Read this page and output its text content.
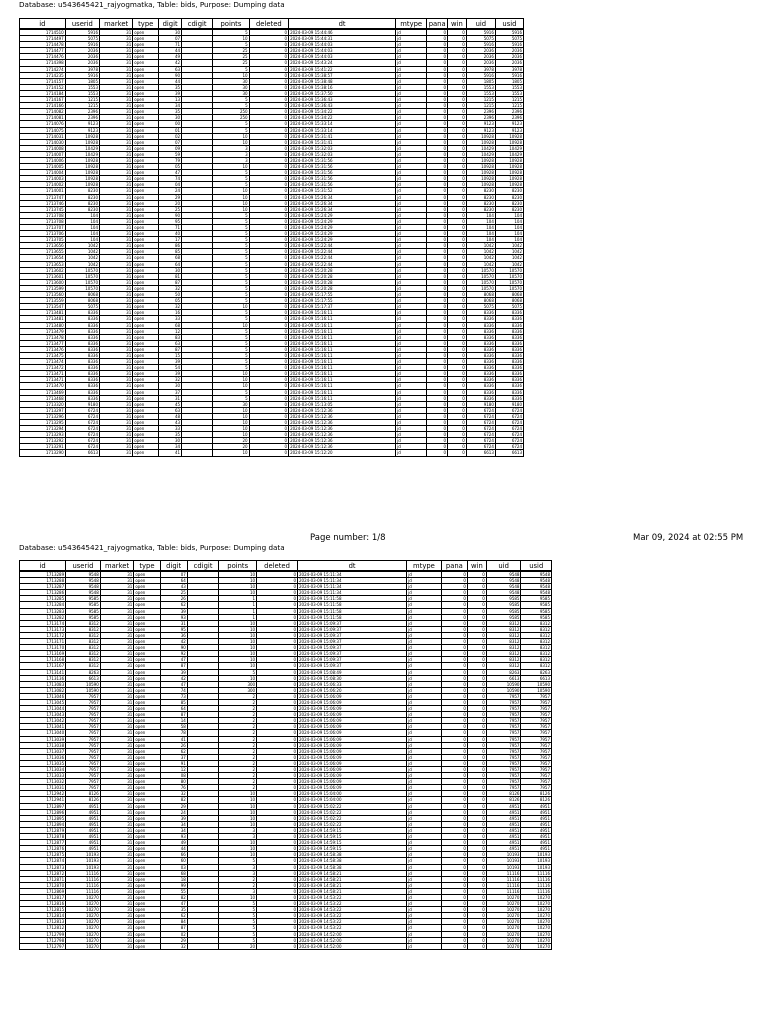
Database: u543645421_rajyogmatka, Table: bids, Purpose: Dumping data
id	userid	market	type	digit	cdigit	points	deleted	dt	mtype	pana	win	uid	usid
1714510	5916	31	open	30		5	0	2024-03-09 15:44:46	jd	0	0	5916	5916
1714497	5075	31	open	07		10	0	2024-03-09 15:44:31	jd	0	0	5075	5075
1714478	5916	31	open	71		5	0	2024-03-09 15:44:03	jd	0	0	5916	5916
1714477	2036	31	open	44		25	0	2024-03-09 15:44:03	jd	0	0	2036	2036
1714476	2036	31	open	49		25	0	2024-03-09 15:44:03	jd	0	0	2036	2036
1714398	2036	31	open	42		25	0	2024-03-09 15:43:24	jd	0	0	2036	2036
1714274	3978	31	open	63		5	0	2024-03-09 15:41:22	jd	0	0	3978	3978
1714235	5916	31	open	90		10	0	2024-03-09 15:38:57	jd	0	0	5916	5916
1714157	1805	31	open	44		30	0	2024-03-09 15:38:48	jd	0	0	1805	1805
1714152	1553	31	open	35		30	0	2024-03-09 15:38:16	jd	0	0	1553	1553
1714184	1553	31	open	39		30	0	2024-03-09 15:37:50	jd	0	0	1553	1553
1714167	1215	31	open	13		5	0	2024-03-09 15:36:43	jd	0	0	1215	1215
1714166	1215	31	open	34		5	0	2024-03-09 15:36:43	jd	0	0	1215	1215
1714082	2396	31	open	35		250	0	2024-03-09 15:34:22	jd	0	0	2396	2396
1714081	2396	31	open	30		250	0	2024-03-09 15:34:22	jd	0	0	2396	2396
1714076	9123	31	open	00		5	0	2024-03-09 15:33:14	jd	0	0	9123	9123
1714075	9123	31	open	01		5	0	2024-03-09 15:33:14	jd	0	0	9123	9123
1714031	10928	31	open	02		10	0	2024-03-09 15:31:41	jd	0	0	10928	10928
1714030	10928	31	open	07		10	0	2024-03-09 15:31:41	jd	0	0	10928	10928
1714008	10429	31	open	09		3	0	2024-03-09 15:32:03	jd	0	0	10429	10429
1714007	10429	31	open	59		3	0	2024-03-09 15:32:03	jd	0	0	10429	10429
1714006	10928	31	open	79		3	0	2024-03-09 15:31:56	jd	0	0	10928	10928
1714005	10928	31	open	05		10	0	2024-03-09 15:31:56	jd	0	0	10928	10928
1714004	10928	31	open	47		5	0	2024-03-09 15:31:56	jd	0	0	10928	10928
1714003	10928	31	open	74		5	0	2024-03-09 15:31:56	jd	0	0	10928	10928
1714002	10928	31	open	04		5	0	2024-03-09 15:31:56	jd	0	0	10928	10928
1714001	8230	31	open	24		10	0	2024-03-09 15:31:52	jd	0	0	8230	8230
1713747	8230	31	open	29		10	0	2024-03-09 15:26:34	jd	0	0	8230	8230
1713746	8230	31	open	20		10	0	2024-03-09 15:26:34	jd	0	0	8230	8230
1713745	8230	31	open	25		10	0	2024-03-09 15:26:34	jd	0	0	8230	8230
1713708	104	31	open	90		5	0	2024-03-09 15:24:29	jd	0	0	104	104
1713708	104	31	open	95		5	0	2024-03-09 15:24:29	jd	0	0	104	104
1713707	104	31	open	71		5	0	2024-03-09 15:24:29	jd	0	0	104	104
1713706	104	31	open	40		5	0	2024-03-09 15:24:29	jd	0	0	104	104
1713705	104	31	open	17		5	0	2024-03-09 15:24:29	jd	0	0	104	104
1713656	1042	31	open	86		5	0	2024-03-09 15:22:44	jd	0	0	1042	1042
1713655	1042	31	open	85		5	0	2024-03-09 15:22:44	jd	0	0	1042	1042
1713654	1042	31	open	68		5	0	2024-03-09 15:22:44	jd	0	0	1042	1042
1713653	1042	31	open	64		5	0	2024-03-09 15:22:44	jd	0	0	1042	1042
1713602	10570	31	open	30		5	0	2024-03-09 15:20:28	jd	0	0	10570	10570
1713601	10570	31	open	81		5	0	2024-03-09 15:20:28	jd	0	0	10570	10570
1713600	10570	31	open	87		5	0	2024-03-09 15:20:28	jd	0	0	10570	10570
1713599	10570	31	open	32		5	0	2024-03-09 15:20:28	jd	0	0	10570	10570
1713560	8068	31	open	50		5	0	2024-03-09 15:17:55	jd	0	0	8068	8068
1713559	8068	31	open	05		5	0	2024-03-09 15:17:55	jd	0	0	8068	8068
1713547	5075	31	open	32		10	0	2024-03-09 15:17:37	jd	0	0	5075	5075
1713481	8336	31	open	16		5	0	2024-03-09 15:16:11	jd	0	0	8336	8336
1713481	8336	31	open	33		5	0	2024-03-09 15:16:11	jd	0	0	8336	8336
1713480	8336	31	open	68		10	0	2024-03-09 15:16:11	jd	0	0	8336	8336
1713479	8336	31	open	12		5	0	2024-03-09 15:16:11	jd	0	0	8336	8336
1713478	8336	31	open	83		5	0	2024-03-09 15:16:11	jd	0	0	8336	8336
1713477	8336	31	open	63		5	0	2024-03-09 15:16:11	jd	0	0	8336	8336
1713476	8336	31	open	87		5	0	2024-03-09 15:16:11	jd	0	0	8336	8336
1713475	8336	31	open	15		5	0	2024-03-09 15:16:11	jd	0	0	8336	8336
1713474	8336	31	open	39		5	0	2024-03-09 15:16:11	jd	0	0	8336	8336
1713472	8336	31	open	54		5	0	2024-03-09 15:16:11	jd	0	0	8336	8336
1713471	8336	31	open	39		10	0	2024-03-09 15:16:11	jd	0	0	8336	8336
1713471	8336	31	open	32		10	0	2024-03-09 15:16:11	jd	0	0	8336	8336
1713470	8336	31	open	30		10	0	2024-03-09 15:16:11	jd	0	0	8336	8336
1713469	8336	31	open	37		5	0	2024-03-09 15:16:11	jd	0	0	8336	8336
1713468	8336	31	open	31		5	0	2024-03-09 15:16:11	jd	0	0	8336	8336
1713320	9180	31	open	45		30	0	2024-03-09 15:13:05	jd	0	0	9180	9180
1713297	6724	31	open	63		10	0	2024-03-09 15:12:36	jd	0	0	6724	6724
1713296	6724	31	open	48		10	0	2024-03-09 15:12:36	jd	0	0	6724	6724
1713295	6724	31	open	43		10	0	2024-03-09 15:12:36	jd	0	0	6724	6724
1713294	6724	31	open	33		10	0	2024-03-09 15:12:36	jd	0	0	6724	6724
1713293	6724	31	open	35		10	0	2024-03-09 15:12:36	jd	0	0	6724	6724
1713292	6724	31	open	30		20	0	2024-03-09 15:12:36	jd	0	0	6724	6724
1713291	6724	31	open	34		20	0	2024-03-09 15:12:36	jd	0	0	6724	6724
1713290	6613	31	open	41		10	0	2024-03-09 15:12:20	jd	0	0	6613	6613
Page number: 1/8	Mar 09, 2024 at 02:55 PM
Database: u543645421_rajyogmatka, Table: bids, Purpose: Dumping data
id	userid	market	type	digit	cdigit	points	deleted	dt	mtype	pana	win	uid	usid
1713289	9548	31	open	07		10	0	2024-03-09 15:11:34	jd	0	0	9548	9548
1713288	9548	31	open	64		10	0	2024-03-09 15:11:34	jd	0	0	9548	9548
1713287	9548	31	open	43		10	0	2024-03-09 15:11:34	jd	0	0	9548	9548
1713286	9548	31	open	25		10	0	2024-03-09 15:11:34	jd	0	0	9548	9548
1713285	9585	31	open	26		1	0	2024-03-09 15:11:58	jd	0	0	9585	9585
1713284	9585	31	open	62		1	0	2024-03-09 15:11:58	jd	0	0	9585	9585
1713283	9585	31	open	39		1	0	2024-03-09 15:11:58	jd	0	0	9585	9585
1713282	9585	31	open	93		1	0	2024-03-09 15:11:58	jd	0	0	9585	9585
1713174	8312	31	open	31		10	0	2024-03-09 15:09:37	jd	0	0	8312	8312
1713173	8312	31	open	95		10	0	2024-03-09 15:09:37	jd	0	0	8312	8312
1713172	8312	31	open	36		10	0	2024-03-09 15:09:37	jd	0	0	8312	8312
1713171	8312	31	open	42		10	0	2024-03-09 15:09:37	jd	0	0	8312	8312
1713170	8312	31	open	90		10	0	2024-03-09 15:09:37	jd	0	0	8312	8312
1713169	8312	31	open	92		10	0	2024-03-09 15:09:37	jd	0	0	8312	8312
1713168	8312	31	open	47		10	0	2024-03-09 15:09:37	jd	0	0	8312	8312
1713167	8312	31	open	87		10	0	2024-03-09 15:09:37	jd	0	0	8312	8312
1713141	8263	31	open	39		5	0	2024-03-09 15:08:49	jd	0	0	8263	8263
1713136	6613	31	open	42		10	0	2024-03-09 15:08:30	jd	0	0	6613	6613
1713083	10590	31	open	47		300	0	2024-03-09 15:06:33	jd	0	0	10590	10590
1713082	10590	31	open	74		300	0	2024-03-09 15:06:20	jd	0	0	10590	10590
1713046	7957	31	open	73		2	0	2024-03-09 15:06:09	jd	0	0	7957	7957
1713045	7957	31	open	85		2	0	2024-03-09 15:06:09	jd	0	0	7957	7957
1713044	7957	31	open	64		2	0	2024-03-09 15:06:09	jd	0	0	7957	7957
1713043	7957	31	open	87		2	0	2024-03-09 15:06:09	jd	0	0	7957	7957
1713042	7957	31	open	14		2	0	2024-03-09 15:06:09	jd	0	0	7957	7957
1713041	7957	31	open	58		2	0	2024-03-09 15:06:09	jd	0	0	7957	7957
1713040	7957	31	open	78		2	0	2024-03-09 15:06:09	jd	0	0	7957	7957
1713039	7957	31	open	41		2	0	2024-03-09 15:06:09	jd	0	0	7957	7957
1713038	7957	31	open	26		2	0	2024-03-09 15:06:09	jd	0	0	7957	7957
1713037	7957	31	open	62		2	0	2024-03-09 15:06:09	jd	0	0	7957	7957
1713036	7957	31	open	37		2	0	2024-03-09 15:06:09	jd	0	0	7957	7957
1713035	7957	31	open	91		2	0	2024-03-09 15:06:09	jd	0	0	7957	7957
1713034	7957	31	open	12		2	0	2024-03-09 15:06:09	jd	0	0	7957	7957
1713033	7957	31	open	08		2	0	2024-03-09 15:06:09	jd	0	0	7957	7957
1713032	7957	31	open	80		2	0	2024-03-09 15:06:09	jd	0	0	7957	7957
1713031	7957	31	open	76		2	0	2024-03-09 15:06:09	jd	0	0	7957	7957
1712942	8126	31	open	32		10	0	2024-03-09 15:04:00	jd	0	0	8126	8126
1712941	8126	31	open	82		10	0	2024-03-09 15:04:00	jd	0	0	8126	8126
1712897	4951	31	open	29		10	0	2024-03-09 15:02:22	jd	0	0	4951	4951
1712896	4951	31	open	24		10	0	2024-03-09 15:02:22	jd	0	0	4951	4951
1712895	4951	31	open	39		10	0	2024-03-09 15:02:22	jd	0	0	4951	4951
1712894	4951	31	open	34		10	0	2024-03-09 15:02:22	jd	0	0	4951	4951
1712879	4951	31	open	34		3	0	2024-03-09 14:59:15	jd	0	0	4951	4951
1712878	4951	31	open	93		3	0	2024-03-09 14:59:15	jd	0	0	4951	4951
1712877	4951	31	open	49		10	0	2024-03-09 14:59:15	jd	0	0	4951	4951
1712876	4951	31	open	44		10	0	2024-03-09 14:59:15	jd	0	0	4951	4951
1712875	10193	31	open	66		10	0	2024-03-09 14:58:38	jd	0	0	10193	10193
1712874	10193	31	open	60		5	0	2024-03-09 14:58:38	jd	0	0	10193	10193
1712873	10193	31	open	03		3	0	2024-03-09 14:58:38	jd	0	0	10193	10193
1712872	11116	31	open	68		3	0	2024-03-09 14:58:21	jd	0	0	11116	11116
1712871	11116	31	open	18		2	0	2024-03-09 14:58:21	jd	0	0	11116	11116
1712870	11116	31	open	99		2	0	2024-03-09 14:58:21	jd	0	0	11116	11116
1712869	11116	31	open	55		3	0	2024-03-09 14:58:21	jd	0	0	11116	11116
1712817	10270	31	open	82		10	0	2024-03-09 14:53:22	jd	0	0	10270	10270
1712816	10270	31	open	47		5	0	2024-03-09 14:53:22	jd	0	0	10270	10270
1712815	10270	31	open	35		5	0	2024-03-09 14:53:22	jd	0	0	10270	10270
1712814	10270	31	open	62		5	0	2024-03-09 14:53:22	jd	0	0	10270	10270
1712813	10270	31	open	84		5	0	2024-03-09 14:53:22	jd	0	0	10270	10270
1712812	10270	31	open	87		5	0	2024-03-09 14:53:22	jd	0	0	10270	10270
1712799	10270	31	open	02		5	0	2024-03-09 14:52:00	jd	0	0	10270	10270
1712798	10270	31	open	29		5	0	2024-03-09 14:52:00	jd	0	0	10270	10270
1712797	10270	31	open	32		20	0	2024-03-09 14:52:00	jd	0	0	10270	10270
